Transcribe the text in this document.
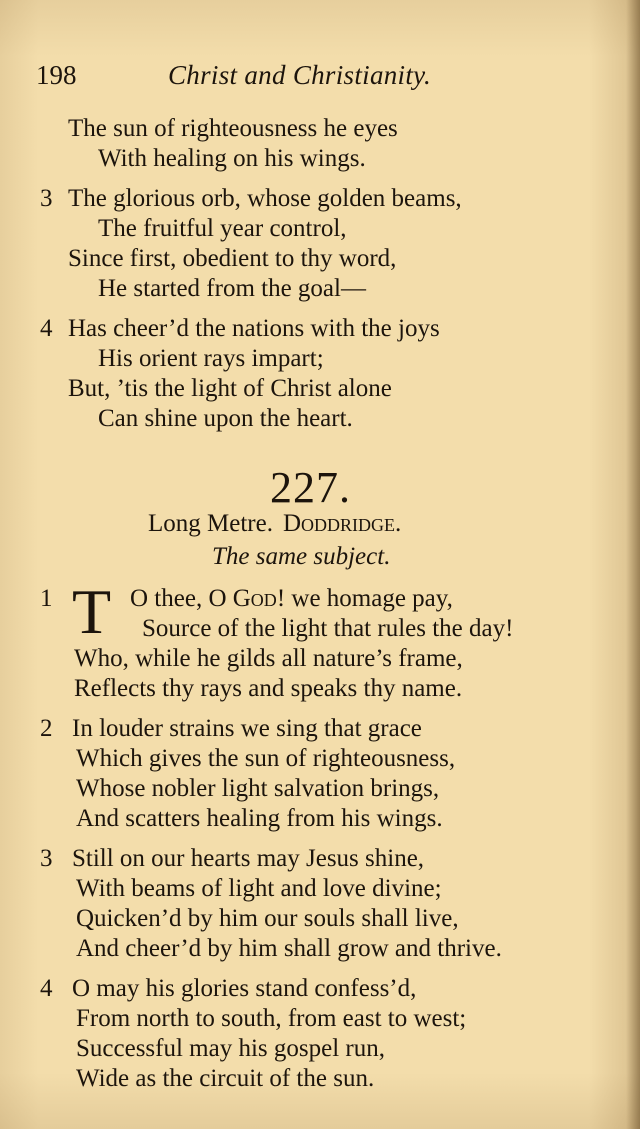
198	Christ and Christianity.
The sun of righteousness he eyes
With healing on his wings.
3 The glorious orb, whose golden beams,
The fruitful year control,
Since first, obedient to thy word,
He started from the goal—
4 Has cheer’d the nations with the joys
His orient rays impart;
But, ’tis the light of Christ alone
Can shine upon the heart.
227.
Long Metre. Doddridge.
The same subject.
1 T O thee, O God! we homage pay,
Source of the light that rules the day!
Who, while he gilds all nature’s frame,
Reflects thy rays and speaks thy name.
2 In louder strains we sing that grace
Which gives the sun of righteousness,
Whose nobler light salvation brings,
And scatters healing from his wings.
3 Still on our hearts may Jesus shine,
With beams of light and love divine;
Quicken’d by him our souls shall live,
And cheer’d by him shall grow and thrive.
4 O may his glories stand confess’d,
From north to south, from east to west;
Successful may his gospel run,
Wide as the circuit of the sun.
